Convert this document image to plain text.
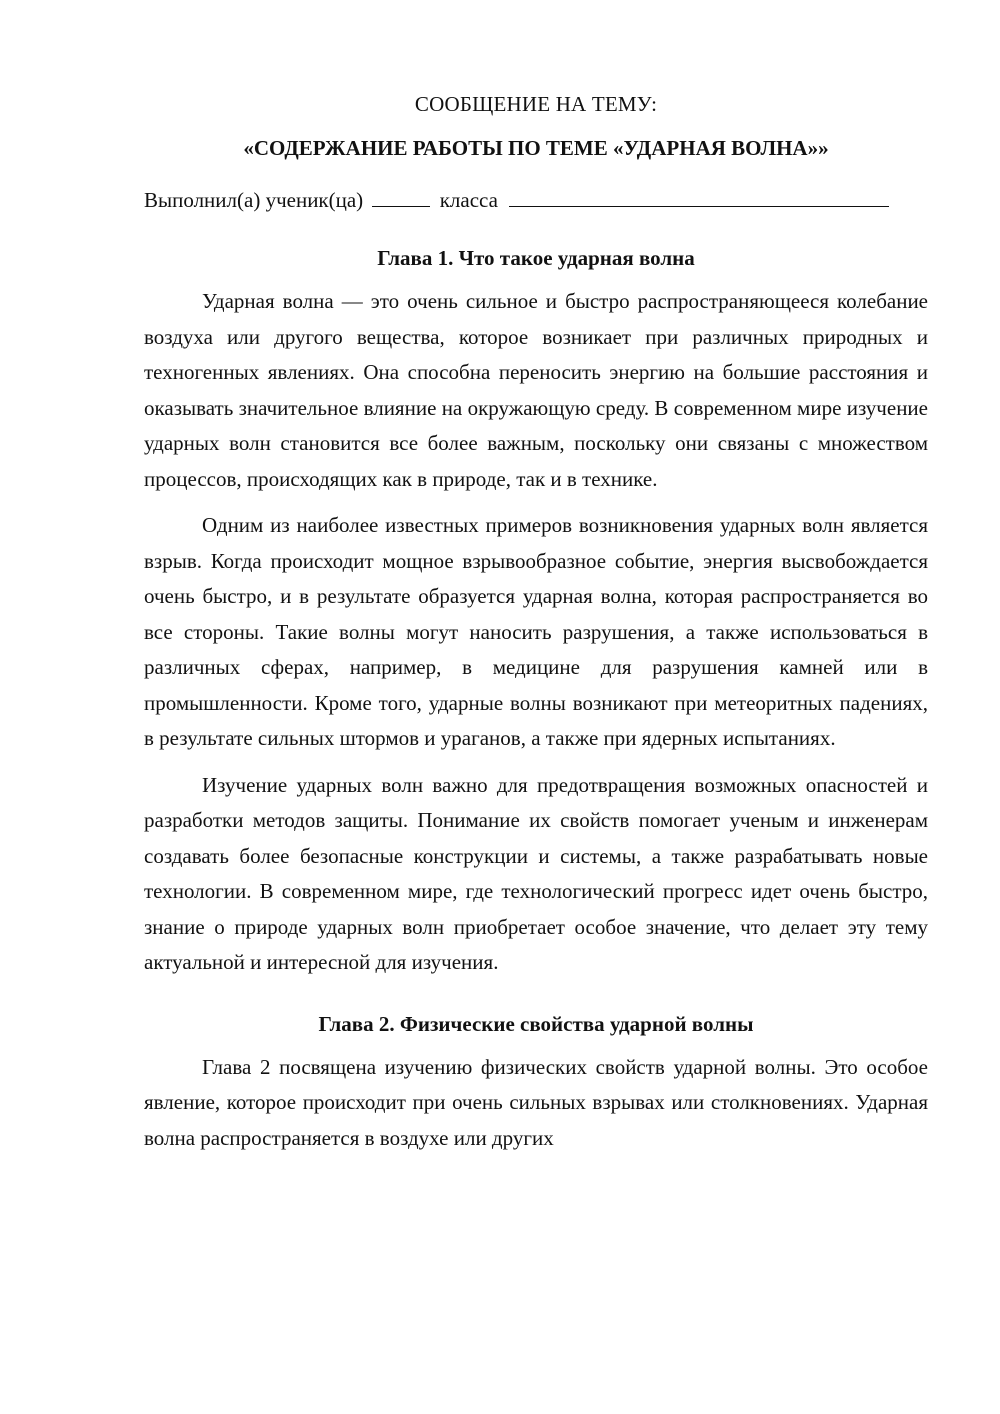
СООБЩЕНИЕ НА ТЕМУ:

«СОДЕРЖАНИЕ РАБОТЫ ПО ТЕМЕ «УДАРНАЯ ВОЛНА»»

Выполнил(а) ученик(ца)	класса

Глава 1. Что такое ударная волна

Ударная волна — это очень сильное и быстро распространяющееся колебание воздуха или другого вещества, которое возникает при различных природных и техногенных явлениях. Она способна переносить энергию на большие расстояния и оказывать значительное влияние на окружающую среду. В современном мире изучение ударных волн становится все более важным, поскольку они связаны с множеством процессов, происходящих как в природе, так и в технике.

Одним из наиболее известных примеров возникновения ударных волн является взрыв. Когда происходит мощное взрывообразное событие, энергия высвобождается очень быстро, и в результате образуется ударная волна, которая распространяется во все стороны. Такие волны могут наносить разрушения, а также использоваться в различных сферах, например, в медицине для разрушения камней или в промышленности. Кроме того, ударные волны возникают при метеоритных падениях, в результате сильных штормов и ураганов, а также при ядерных испытаниях.

Изучение ударных волн важно для предотвращения возможных опасностей и разработки методов защиты. Понимание их свойств помогает ученым и инженерам создавать более безопасные конструкции и системы, а также разрабатывать новые технологии. В современном мире, где технологический прогресс идет очень быстро, знание о природе ударных волн приобретает особое значение, что делает эту тему актуальной и интересной для изучения.

Глава 2. Физические свойства ударной волны

Глава 2 посвящена изучению физических свойств ударной волны. Это особое явление, которое происходит при очень сильных взрывах или столкновениях. Ударная волна распространяется в воздухе или других
